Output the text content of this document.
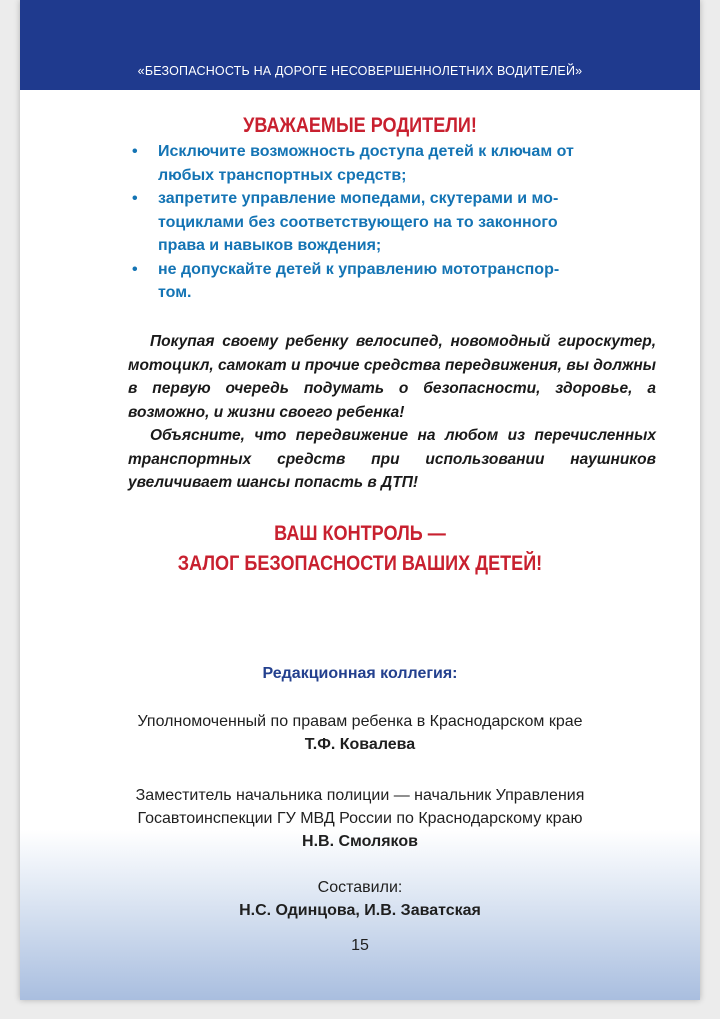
«БЕЗОПАСНОСТЬ НА ДОРОГЕ НЕСОВЕРШЕННОЛЕТНИХ ВОДИТЕЛЕЙ»
УВАЖАЕМЫЕ РОДИТЕЛИ!
• Исключите возможность доступа детей к ключам от
любых транспортных средств;
• запретите управление мопедами, скутерами и мо-
тоциклами без соответствующего на то законного
права и навыков вождения;
• не допускайте детей к управлению мототранспор-
том.

Покупая своему ребенку велосипед, новомодный гироскутер, мотоцикл, самокат и прочие средства передвижения, вы должны в первую очередь подумать о безопасности, здоровье, а возможно, и жизни своего ребенка!

Объясните, что передвижение на любом из перечисленных транспортных средств при использовании наушников увеличивает шансы попасть в ДТП!

ВАШ КОНТРОЛЬ —
ЗАЛОГ БЕЗОПАСНОСТИ ВАШИХ ДЕТЕЙ!
Редакционная коллегия:
Уполномоченный по правам ребенка в Краснодарском крае
Т.Ф. Ковалева
Заместитель начальника полиции — начальник Управления
Госавтоинспекции ГУ МВД России по Краснодарскому краю
Н.В. Смоляков
Составили:
Н.С. Одинцова, И.В. Заватская
15
